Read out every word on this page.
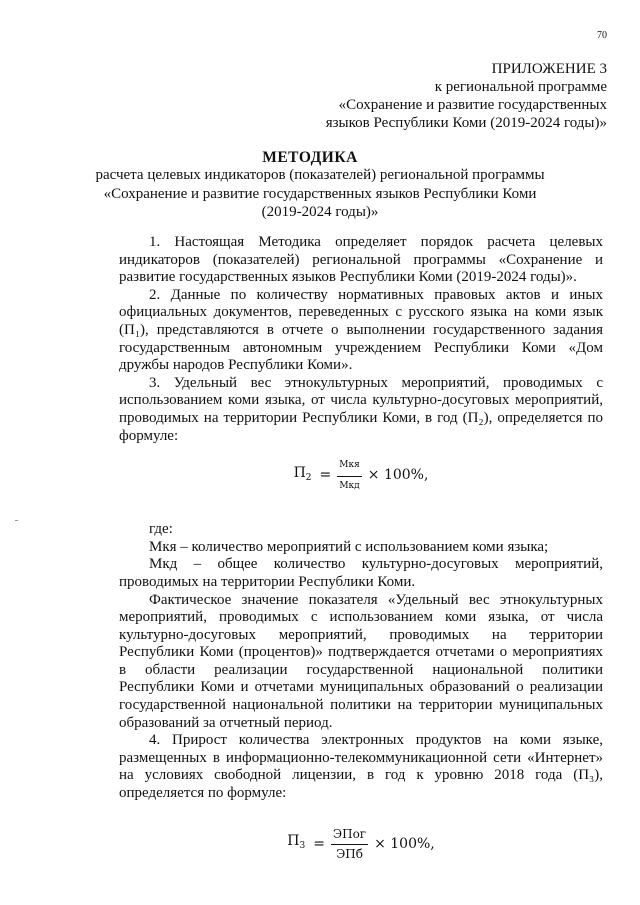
70
ПРИЛОЖЕНИЕ 3
к региональной программе
«Сохранение и развитие государственных
языков Республики Коми (2019-2024 годы)»
МЕТОДИКА
расчета целевых индикаторов (показателей) региональной программы
«Сохранение и развитие государственных языков Республики Коми
(2019-2024 годы)»

1. Настоящая Методика определяет порядок расчета целевых индикаторов (показателей) региональной программы «Сохранение и развитие государственных языков Республики Коми (2019-2024 годы)».

2. Данные по количеству нормативных правовых актов и иных официальных документов, переведенных с русского языка на коми язык (П₁), представляются в отчете о выполнении государственного задания государственным автономным учреждением Республики Коми «Дом дружбы народов Республики Коми».

3. Удельный вес этнокультурных мероприятий, проводимых с использованием коми языка, от числа культурно-досуговых мероприятий, проводимых на территории Республики Коми, в год (П₂), определяется по формуле:

$П_2 = \frac{\text{Мкя}}{\text{Мкд}} \times 100\%$,

где:

Мкя – количество мероприятий с использованием коми языка;

Мкд – общее количество культурно-досуговых мероприятий, проводимых на территории Республики Коми.

Фактическое значение показателя «Удельный вес этнокультурных мероприятий, проводимых с использованием коми языка, от числа культурно-досуговых мероприятий, проводимых на территории Республики Коми (процентов)» подтверждается отчетами о мероприятиях в области реализации государственной национальной политики Республики Коми и отчетами муниципальных образований о реализации государственной национальной политики на территории муниципальных образований за отчетный период.

4. Прирост количества электронных продуктов на коми языке, размещенных в информационно-телекоммуникационной сети «Интернет» на условиях свободной лицензии, в год к уровню 2018 года (П₃), определяется по формуле:

$П_3 = \frac{\text{ЭПог}}{\text{ЭПб}} \times 100\%$,
